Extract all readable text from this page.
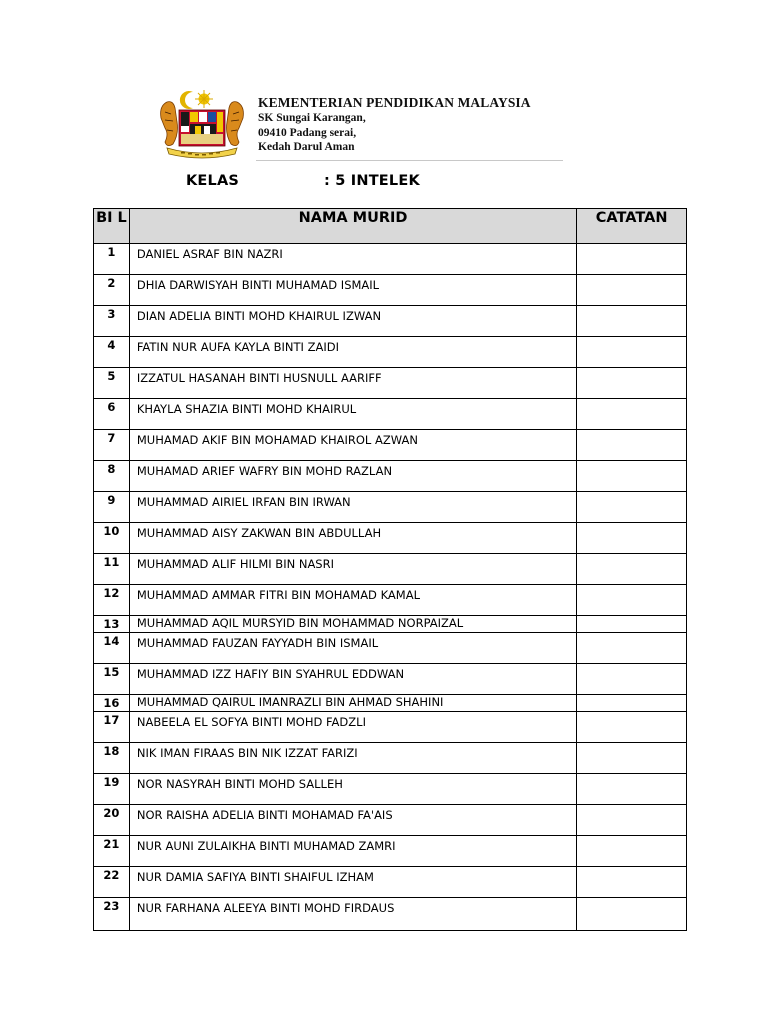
KEMENTERIAN PENDIDIKAN MALAYSIA
SK Sungai Karangan,
09410 Padang serai,
Kedah Darul Aman
KELAS	: 5 INTELEK
BI L	NAMA MURID	CATATAN
1	DANIEL ASRAF BIN NAZRI	
2	DHIA DARWISYAH BINTI MUHAMAD ISMAIL	
3	DIAN ADELIA BINTI MOHD KHAIRUL IZWAN	
4	FATIN NUR AUFA KAYLA BINTI ZAIDI	
5	IZZATUL HASANAH BINTI HUSNULL AARIFF	
6	KHAYLA SHAZIA BINTI MOHD KHAIRUL	
7	MUHAMAD AKIF BIN MOHAMAD KHAIROL AZWAN	
8	MUHAMAD ARIEF WAFRY BIN MOHD RAZLAN	
9	MUHAMMAD AIRIEL IRFAN BIN IRWAN	
10	MUHAMMAD AISY ZAKWAN BIN ABDULLAH	
11	MUHAMMAD ALIF HILMI BIN NASRI	
12	MUHAMMAD AMMAR FITRI BIN MOHAMAD KAMAL	
13	MUHAMMAD AQIL MURSYID BIN MOHAMMAD NORPAIZAL	
14	MUHAMMAD FAUZAN FAYYADH BIN ISMAIL	
15	MUHAMMAD IZZ HAFIY BIN SYAHRUL EDDWAN	
16	MUHAMMAD QAIRUL IMANRAZLI BIN AHMAD SHAHINI	
17	NABEELA EL SOFYA BINTI MOHD FADZLI	
18	NIK IMAN FIRAAS BIN NIK IZZAT FARIZI	
19	NOR NASYRAH BINTI MOHD SALLEH	
20	NOR RAISHA ADELIA BINTI MOHAMAD FA'AIS	
21	NUR AUNI ZULAIKHA BINTI MUHAMAD ZAMRI	
22	NUR DAMIA SAFIYA BINTI SHAIFUL IZHAM	
23	NUR FARHANA ALEEYA BINTI MOHD FIRDAUS	
